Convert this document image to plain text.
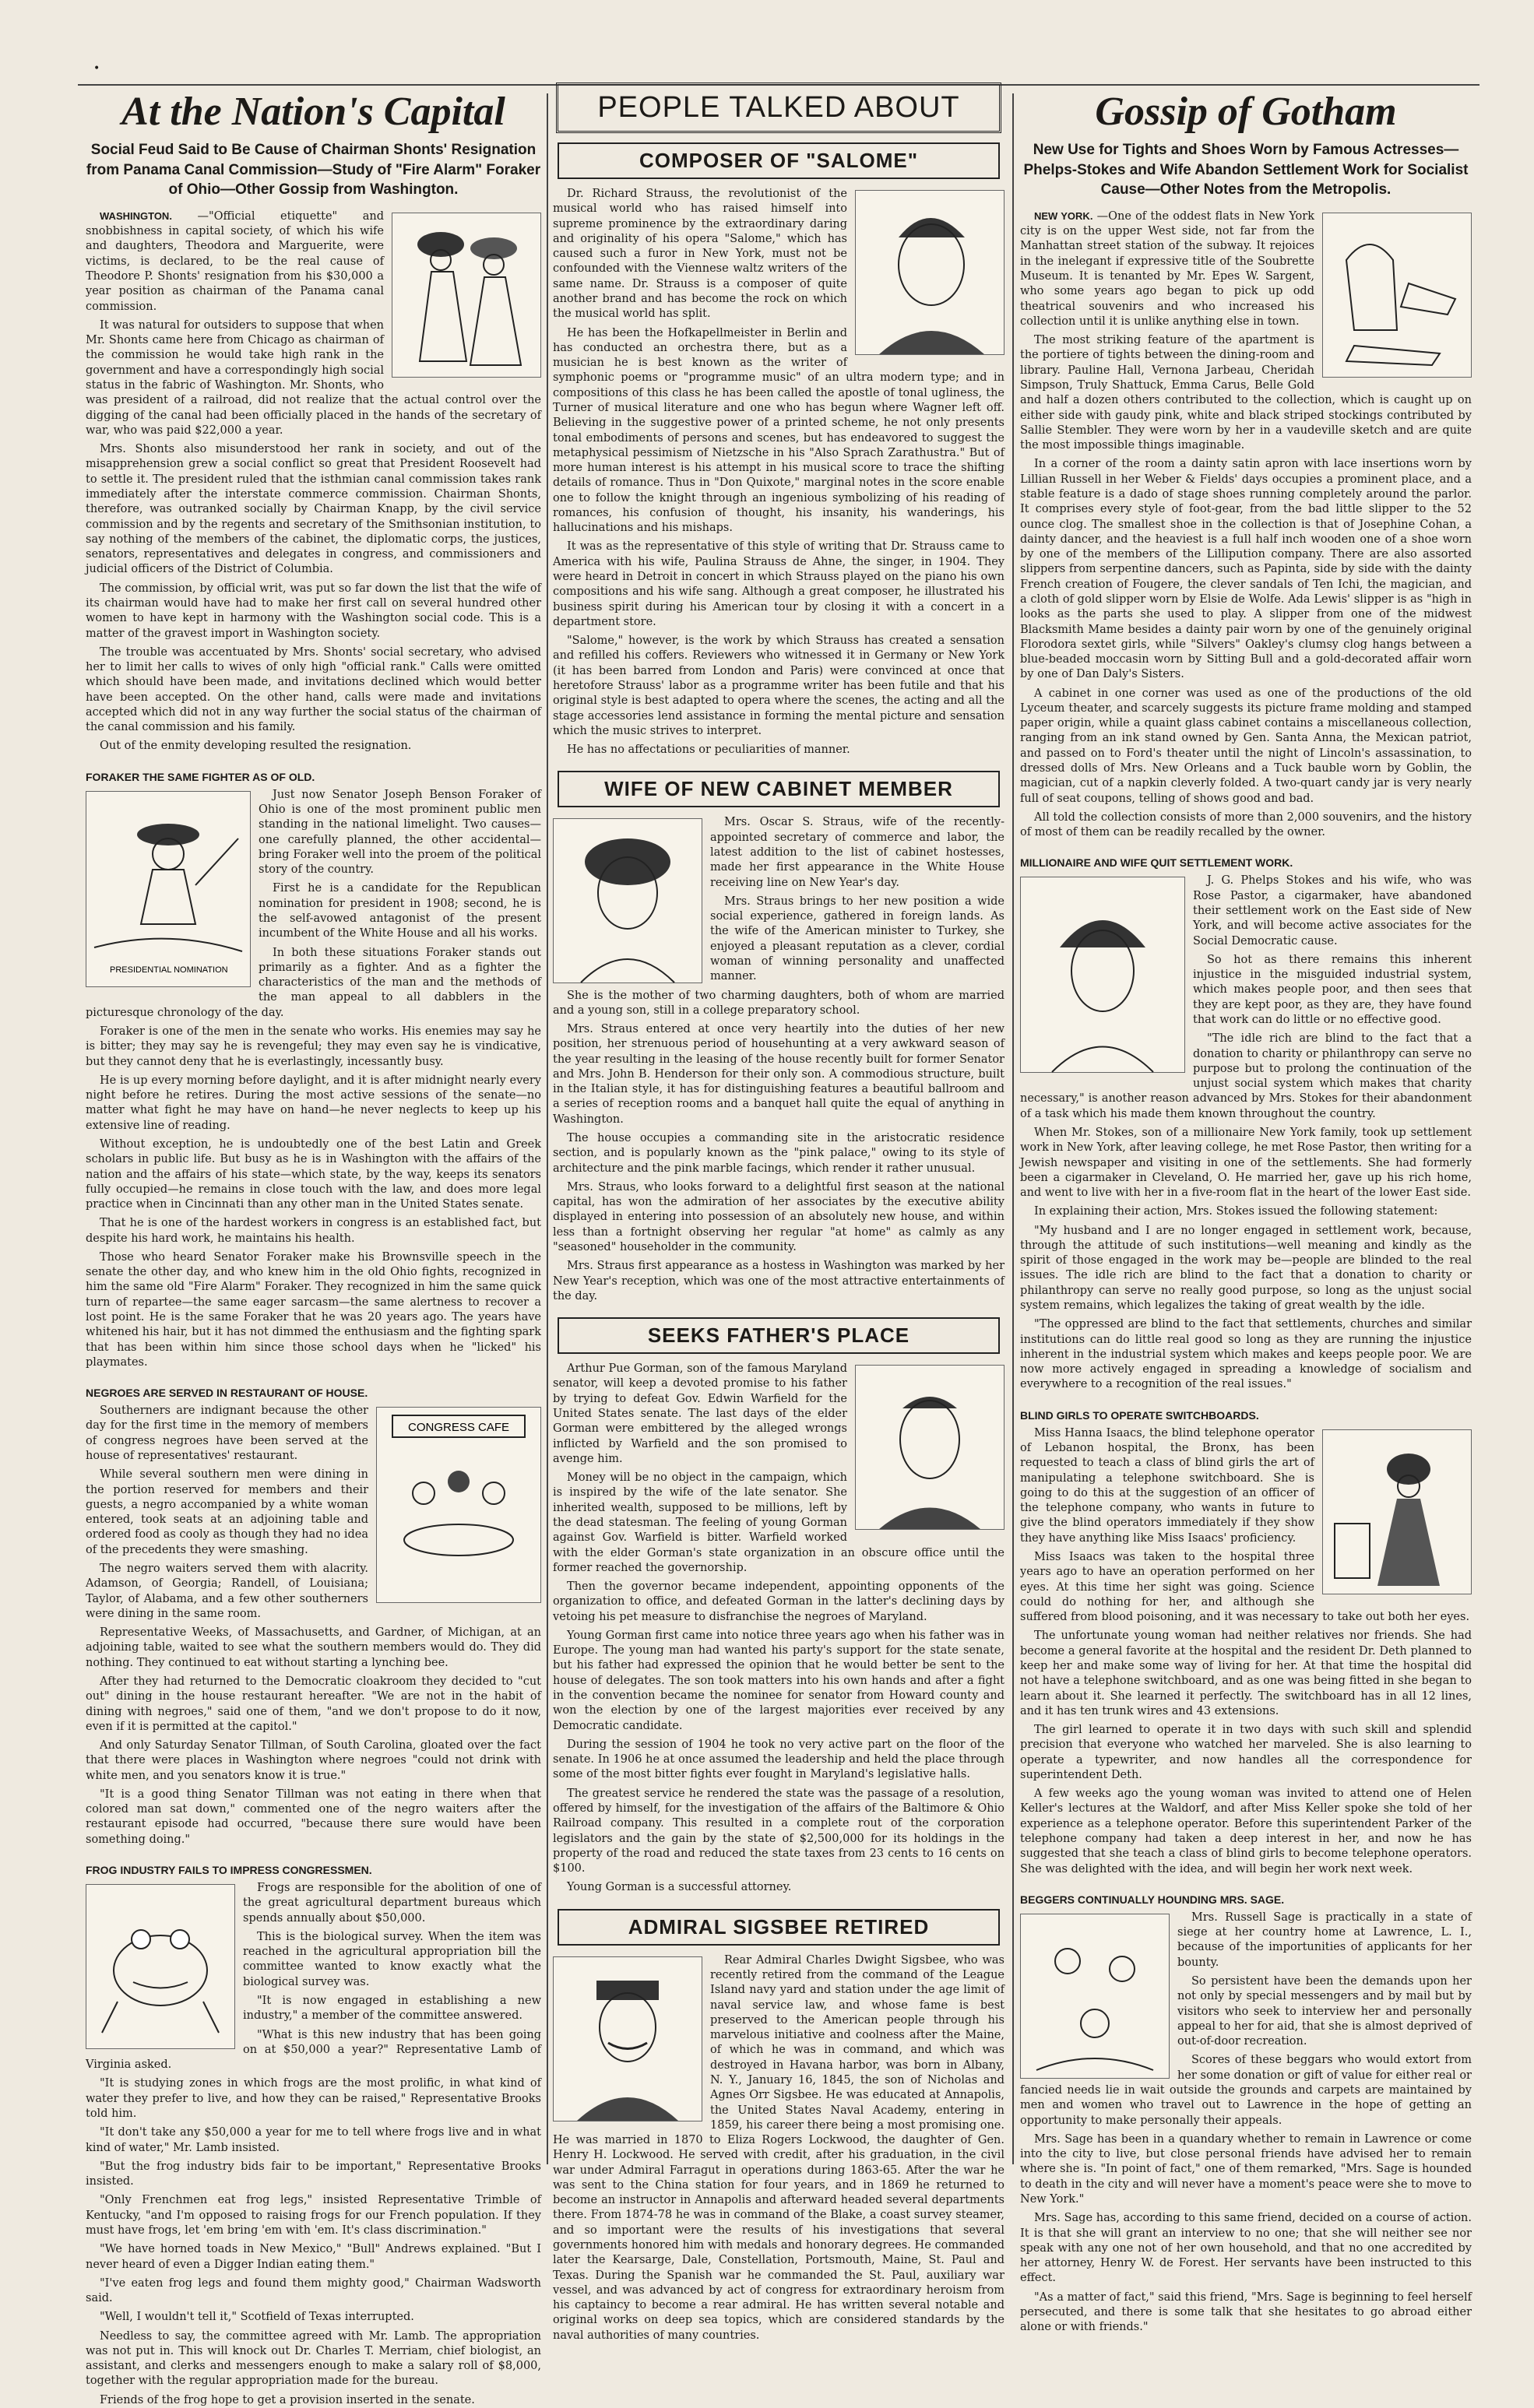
•
At the Nation's Capital
Social Feud Said to Be Cause of Chairman Shonts' Resignation from Panama Canal Commission—Study of "Fire Alarm" Foraker of Ohio—Other Gossip from Washington.

WASHINGTON. —"Official etiquette" and snobbishness in capital society, of which his wife and daughters, Theodora and Marguerite, were victims, is declared, to be the real cause of Theodore P. Shonts' resignation from his $30,000 a year position as chairman of the Panama canal commission.

It was natural for outsiders to suppose that when Mr. Shonts came here from Chicago as chairman of the commission he would take high rank in the government and have a correspondingly high social status in the fabric of Washington. Mr. Shonts, who was president of a railroad, did not realize that the actual control over the digging of the canal had been officially placed in the hands of the secretary of war, who was paid $22,000 a year.

Mrs. Shonts also misunderstood her rank in society, and out of the misapprehension grew a social conflict so great that President Roosevelt had to settle it. The president ruled that the isthmian canal commission takes rank immediately after the interstate commerce commission. Chairman Shonts, therefore, was outranked socially by Chairman Knapp, by the civil service commission and by the regents and secretary of the Smithsonian institution, to say nothing of the members of the cabinet, the diplomatic corps, the justices, senators, representatives and delegates in congress, and commissioners and judicial officers of the District of Columbia.

The commission, by official writ, was put so far down the list that the wife of its chairman would have had to make her first call on several hundred other women to have kept in harmony with the Washington social code. This is a matter of the gravest import in Washington society.

The trouble was accentuated by Mrs. Shonts' social secretary, who advised her to limit her calls to wives of only high "official rank." Calls were omitted which should have been made, and invitations declined which would better have been accepted. On the other hand, calls were made and invitations accepted which did not in any way further the social status of the chairman of the canal commission and his family.

Out of the enmity developing resulted the resignation.

FORAKER THE SAME FIGHTER AS OF OLD.
PRESIDENTIAL NOMINATION

Just now Senator Joseph Benson Foraker of Ohio is one of the most prominent public men standing in the national limelight. Two causes—one carefully planned, the other accidental—bring Foraker well into the proem of the political story of the country.

First he is a candidate for the Republican nomination for president in 1908; second, he is the self-avowed antagonist of the present incumbent of the White House and all his works.

In both these situations Foraker stands out primarily as a fighter. And as a fighter the characteristics of the man and the methods of the man appeal to all dabblers in the picturesque chronology of the day.

Foraker is one of the men in the senate who works. His enemies may say he is bitter; they may say he is revengeful; they may even say he is vindicative, but they cannot deny that he is everlastingly, incessantly busy.

He is up every morning before daylight, and it is after midnight nearly every night before he retires. During the most active sessions of the senate—no matter what fight he may have on hand—he never neglects to keep up his extensive line of reading.

Without exception, he is undoubtedly one of the best Latin and Greek scholars in public life. But busy as he is in Washington with the affairs of the nation and the affairs of his state—which state, by the way, keeps its senators fully occupied—he remains in close touch with the law, and does more legal practice when in Cincinnati than any other man in the United States senate.

That he is one of the hardest workers in congress is an established fact, but despite his hard work, he maintains his health.

Those who heard Senator Foraker make his Brownsville speech in the senate the other day, and who knew him in the old Ohio fights, recognized in him the same old "Fire Alarm" Foraker. They recognized in him the same quick turn of repartee—the same eager sarcasm—the same alertness to recover a lost point. He is the same Foraker that he was 20 years ago. The years have whitened his hair, but it has not dimmed the enthusiasm and the fighting spark that has been within him since those school days when he "licked" his playmates.

NEGROES ARE SERVED IN RESTAURANT OF HOUSE.
CONGRESS CAFE

Southerners are indignant because the other day for the first time in the memory of members of congress negroes have been served at the house of representatives' restaurant.

While several southern men were dining in the portion reserved for members and their guests, a negro accompanied by a white woman entered, took seats at an adjoining table and ordered food as cooly as though they had no idea of the precedents they were smashing.

The negro waiters served them with alacrity. Adamson, of Georgia; Randell, of Louisiana; Taylor, of Alabama, and a few other southerners were dining in the same room.

Representative Weeks, of Massachusetts, and Gardner, of Michigan, at an adjoining table, waited to see what the southern members would do. They did nothing. They continued to eat without starting a lynching bee.

After they had returned to the Democratic cloakroom they decided to "cut out" dining in the house restaurant hereafter. "We are not in the habit of dining with negroes," said one of them, "and we don't propose to do it now, even if it is permitted at the capitol."

And only Saturday Senator Tillman, of South Carolina, gloated over the fact that there were places in Washington where negroes "could not drink with white men, and you senators know it is true."

"It is a good thing Senator Tillman was not eating in there when that colored man sat down," commented one of the negro waiters after the restaurant episode had occurred, "because there sure would have been something doing."

FROG INDUSTRY FAILS TO IMPRESS CONGRESSMEN.

Frogs are responsible for the abolition of one of the great agricultural department bureaus which spends annually about $50,000.

This is the biological survey. When the item was reached in the agricultural appropriation bill the committee wanted to know exactly what the biological survey was.

"It is now engaged in establishing a new industry," a member of the committee answered.

"What is this new industry that has been going on at $50,000 a year?" Representative Lamb of Virginia asked.

"It is studying zones in which frogs are the most prolific, in what kind of water they prefer to live, and how they can be raised," Representative Brooks told him.

"It don't take any $50,000 a year for me to tell where frogs live and in what kind of water," Mr. Lamb insisted.

"But the frog industry bids fair to be important," Representative Brooks insisted.

"Only Frenchmen eat frog legs," insisted Representative Trimble of Kentucky, "and I'm opposed to raising frogs for our French population. If they must have frogs, let 'em bring 'em with 'em. It's class discrimination."

"We have horned toads in New Mexico," "Bull" Andrews explained. "But I never heard of even a Digger Indian eating them."

"I've eaten frog legs and found them mighty good," Chairman Wadsworth said.

"Well, I wouldn't tell it," Scotfield of Texas interrupted.

Needless to say, the committee agreed with Mr. Lamb. The appropriation was not put in. This will knock out Dr. Charles T. Merriam, chief biologist, an assistant, and clerks and messengers enough to make a salary roll of $8,000, together with the regular appropriation made for the bureau.

Friends of the frog hope to get a provision inserted in the senate.

PEOPLE TALKED ABOUT
COMPOSER OF "SALOME"

Dr. Richard Strauss, the revolutionist of the musical world who has raised himself into supreme prominence by the extraordinary daring and originality of his opera "Salome," which has caused such a furor in New York, must not be confounded with the Viennese waltz writers of the same name. Dr. Strauss is a composer of quite another brand and has become the rock on which the musical world has split.

He has been the Hofkapellmeister in Berlin and has conducted an orchestra there, but as a musician he is best known as the writer of symphonic poems or "programme music" of an ultra modern type; and in compositions of this class he has been called the apostle of tonal ugliness, the Turner of musical literature and one who has begun where Wagner left off. Believing in the suggestive power of a printed scheme, he not only presents tonal embodiments of persons and scenes, but has endeavored to suggest the metaphysical pessimism of Nietzsche in his "Also Sprach Zarathustra." But of more human interest is his attempt in his musical score to trace the shifting details of romance. Thus in "Don Quixote," marginal notes in the score enable one to follow the knight through an ingenious symbolizing of his reading of romances, his confusion of thought, his insanity, his wanderings, his hallucinations and his mishaps.

It was as the representative of this style of writing that Dr. Strauss came to America with his wife, Paulina Strauss de Ahne, the singer, in 1904. They were heard in Detroit in concert in which Strauss played on the piano his own compositions and his wife sang. Although a great composer, he illustrated his business spirit during his American tour by closing it with a concert in a department store.

"Salome," however, is the work by which Strauss has created a sensation and refilled his coffers. Reviewers who witnessed it in Germany or New York (it has been barred from London and Paris) were convinced at once that heretofore Strauss' labor as a programme writer has been futile and that his original style is best adapted to opera where the scenes, the acting and all the stage accessories lend assistance in forming the mental picture and sensation which the music strives to interpret.

He has no affectations or peculiarities of manner.

WIFE OF NEW CABINET MEMBER

Mrs. Oscar S. Straus, wife of the recently-appointed secretary of commerce and labor, the latest addition to the list of cabinet hostesses, made her first appearance in the White House receiving line on New Year's day.

Mrs. Straus brings to her new position a wide social experience, gathered in foreign lands. As the wife of the American minister to Turkey, she enjoyed a pleasant reputation as a clever, cordial woman of winning personality and unaffected manner.

She is the mother of two charming daughters, both of whom are married and a young son, still in a college preparatory school.

Mrs. Straus entered at once very heartily into the duties of her new position, her strenuous period of househunting at a very awkward season of the year resulting in the leasing of the house recently built for former Senator and Mrs. John B. Henderson for their only son. A commodious structure, built in the Italian style, it has for distinguishing features a beautiful ballroom and a series of reception rooms and a banquet hall quite the equal of anything in Washington.

The house occupies a commanding site in the aristocratic residence section, and is popularly known as the "pink palace," owing to its style of architecture and the pink marble facings, which render it rather unusual.

Mrs. Straus, who looks forward to a delightful first season at the national capital, has won the admiration of her associates by the executive ability displayed in entering into possession of an absolutely new house, and within less than a fortnight observing her regular "at home" as calmly as any "seasoned" householder in the community.

Mrs. Straus first appearance as a hostess in Washington was marked by her New Year's reception, which was one of the most attractive entertainments of the day.

SEEKS FATHER'S PLACE

Arthur Pue Gorman, son of the famous Maryland senator, will keep a devoted promise to his father by trying to defeat Gov. Edwin Warfield for the United States senate. The last days of the elder Gorman were embittered by the alleged wrongs inflicted by Warfield and the son promised to avenge him.

Money will be no object in the campaign, which is inspired by the wife of the late senator. She inherited wealth, supposed to be millions, left by the dead statesman. The feeling of young Gorman against Gov. Warfield is bitter. Warfield worked with the elder Gorman's state organization in an obscure office until the former reached the governorship.

Then the governor became independent, appointing opponents of the organization to office, and defeated Gorman in the latter's declining days by vetoing his pet measure to disfranchise the negroes of Maryland.

Young Gorman first came into notice three years ago when his father was in Europe. The young man had wanted his party's support for the state senate, but his father had expressed the opinion that he would better be sent to the house of delegates. The son took matters into his own hands and after a fight in the convention became the nominee for senator from Howard county and won the election by one of the largest majorities ever received by any Democratic candidate.

During the session of 1904 he took no very active part on the floor of the senate. In 1906 he at once assumed the leadership and held the place through some of the most bitter fights ever fought in Maryland's legislative halls.

The greatest service he rendered the state was the passage of a resolution, offered by himself, for the investigation of the affairs of the Baltimore & Ohio Railroad company. This resulted in a complete rout of the corporation legislators and the gain by the state of $2,500,000 for its holdings in the property of the road and reduced the state taxes from 23 cents to 16 cents on $100.

Young Gorman is a successful attorney.

ADMIRAL SIGSBEE RETIRED

Rear Admiral Charles Dwight Sigsbee, who was recently retired from the command of the League Island navy yard and station under the age limit of naval service law, and whose fame is best preserved to the American people through his marvelous initiative and coolness after the Maine, of which he was in command, and which was destroyed in Havana harbor, was born in Albany, N. Y., January 16, 1845, the son of Nicholas and Agnes Orr Sigsbee. He was educated at Annapolis, the United States Naval Academy, entering in 1859, his career there being a most promising one. He was married in 1870 to Eliza Rogers Lockwood, the daughter of Gen. Henry H. Lockwood. He served with credit, after his graduation, in the civil war under Admiral Farragut in operations during 1863-65. After the war he was sent to the China station for four years, and in 1869 he returned to become an instructor in Annapolis and afterward headed several departments there. From 1874-78 he was in command of the Blake, a coast survey steamer, and so important were the results of his investigations that several governments honored him with medals and honorary degrees. He commanded later the Kearsarge, Dale, Constellation, Portsmouth, Maine, St. Paul and Texas. During the Spanish war he commanded the St. Paul, auxiliary war vessel, and was advanced by act of congress for extraordinary heroism from his captaincy to become a rear admiral. He has written several notable and original works on deep sea topics, which are considered standards by the naval authorities of many countries.

Gossip of Gotham
New Use for Tights and Shoes Worn by Famous Actresses—Phelps-Stokes and Wife Abandon Settlement Work for Socialist Cause—Other Notes from the Metropolis.

NEW YORK. —One of the oddest flats in New York city is on the upper West side, not far from the Manhattan street station of the subway. It rejoices in the inelegant if expressive title of the Soubrette Museum. It is tenanted by Mr. Epes W. Sargent, who some years ago began to pick up odd theatrical souvenirs and who increased his collection until it is unlike anything else in town.

The most striking feature of the apartment is the portiere of tights between the dining-room and library. Pauline Hall, Vernona Jarbeau, Cheridah Simpson, Truly Shattuck, Emma Carus, Belle Gold and half a dozen others contributed to the collection, which is caught up on either side with gaudy pink, white and black striped stockings contributed by Sallie Stembler. They were worn by her in a vaudeville sketch and are quite the most impossible things imaginable.

In a corner of the room a dainty satin apron with lace insertions worn by Lillian Russell in her Weber & Fields' days occupies a prominent place, and a stable feature is a dado of stage shoes running completely around the parlor. It comprises every style of foot-gear, from the bad little slipper to the 52 ounce clog. The smallest shoe in the collection is that of Josephine Cohan, a dainty dancer, and the heaviest is a full half inch wooden one of a shoe worn by one of the members of the Lillipution company. There are also assorted slippers from serpentine dancers, such as Papinta, side by side with the dainty French creation of Fougere, the clever sandals of Ten Ichi, the magician, and a cloth of gold slipper worn by Elsie de Wolfe. Ada Lewis' slipper is as "high in looks as the parts she used to play. A slipper from one of the midwest Blacksmith Mame besides a dainty pair worn by one of the genuinely original Florodora sextet girls, while "Silvers" Oakley's clumsy clog hangs between a blue-beaded moccasin worn by Sitting Bull and a gold-decorated affair worn by one of Dan Daly's Sisters.

A cabinet in one corner was used as one of the productions of the old Lyceum theater, and scarcely suggests its picture frame molding and stamped paper origin, while a quaint glass cabinet contains a miscellaneous collection, ranging from an ink stand owned by Gen. Santa Anna, the Mexican patriot, and passed on to Ford's theater until the night of Lincoln's assassination, to dressed dolls of Mrs. New Orleans and a Tuck bauble worn by Goblin, the magician, cut of a napkin cleverly folded. A two-quart candy jar is very nearly full of seat coupons, telling of shows good and bad.

All told the collection consists of more than 2,000 souvenirs, and the history of most of them can be readily recalled by the owner.

MILLIONAIRE AND WIFE QUIT SETTLEMENT WORK.

J. G. Phelps Stokes and his wife, who was Rose Pastor, a cigarmaker, have abandoned their settlement work on the East side of New York, and will become active associates for the Social Democratic cause.

So hot as there remains this inherent injustice in the misguided industrial system, which makes people poor, and then sees that they are kept poor, as they are, they have found that work can do little or no effective good.

"The idle rich are blind to the fact that a donation to charity or philanthropy can serve no purpose but to prolong the continuation of the unjust social system which makes that charity necessary," is another reason advanced by Mrs. Stokes for their abandonment of a task which his made them known throughout the country.

When Mr. Stokes, son of a millionaire New York family, took up settlement work in New York, after leaving college, he met Rose Pastor, then writing for a Jewish newspaper and visiting in one of the settlements. She had formerly been a cigarmaker in Cleveland, O. He married her, gave up his rich home, and went to live with her in a five-room flat in the heart of the lower East side.

In explaining their action, Mrs. Stokes issued the following statement:

"My husband and I are no longer engaged in settlement work, because, through the attitude of such institutions—well meaning and kindly as the spirit of those engaged in the work may be—people are blinded to the real issues. The idle rich are blind to the fact that a donation to charity or philanthropy can serve no really good purpose, so long as the unjust social system remains, which legalizes the taking of great wealth by the idle.

"The oppressed are blind to the fact that settlements, churches and similar institutions can do little real good so long as they are running the injustice inherent in the industrial system which makes and keeps people poor. We are now more actively engaged in spreading a knowledge of socialism and everywhere to a recognition of the real issues."

BLIND GIRLS TO OPERATE SWITCHBOARDS.

Miss Hanna Isaacs, the blind telephone operator of Lebanon hospital, the Bronx, has been requested to teach a class of blind girls the art of manipulating a telephone switchboard. She is going to do this at the suggestion of an officer of the telephone company, who wants in future to give the blind operators immediately if they show they have anything like Miss Isaacs' proficiency.

Miss Isaacs was taken to the hospital three years ago to have an operation performed on her eyes. At this time her sight was going. Science could do nothing for her, and although she suffered from blood poisoning, and it was necessary to take out both her eyes.

The unfortunate young woman had neither relatives nor friends. She had become a general favorite at the hospital and the resident Dr. Deth planned to keep her and make some way of living for her. At that time the hospital did not have a telephone switchboard, and as one was being fitted in she began to learn about it. She learned it perfectly. The switchboard has in all 12 lines, and it has ten trunk wires and 43 extensions.

The girl learned to operate it in two days with such skill and splendid precision that everyone who watched her marveled. She is also learning to operate a typewriter, and now handles all the correspondence for superintendent Deth.

A few weeks ago the young woman was invited to attend one of Helen Keller's lectures at the Waldorf, and after Miss Keller spoke she told of her experience as a telephone operator. Before this superintendent Parker of the telephone company had taken a deep interest in her, and now he has suggested that she teach a class of blind girls to become telephone operators. She was delighted with the idea, and will begin her work next week.

BEGGERS CONTINUALLY HOUNDING MRS. SAGE.

Mrs. Russell Sage is practically in a state of siege at her country home at Lawrence, L. I., because of the importunities of applicants for her bounty.

So persistent have been the demands upon her not only by special messengers and by mail but by visitors who seek to interview her and personally appeal to her for aid, that she is almost deprived of out-of-door recreation.

Scores of these beggars who would extort from her some donation or gift of value for either real or fancied needs lie in wait outside the grounds and carpets are maintained by men and women who travel out to Lawrence in the hope of getting an opportunity to make personally their appeals.

Mrs. Sage has been in a quandary whether to remain in Lawrence or come into the city to live, but close personal friends have advised her to remain where she is. "In point of fact," one of them remarked, "Mrs. Sage is hounded to death in the city and will never have a moment's peace were she to move to New York."

Mrs. Sage has, according to this same friend, decided on a course of action. It is that she will grant an interview to no one; that she will neither see nor speak with any one not of her own household, and that no one accredited by her attorney, Henry W. de Forest. Her servants have been instructed to this effect.

"As a matter of fact," said this friend, "Mrs. Sage is beginning to feel herself persecuted, and there is some talk that she hesitates to go abroad either alone or with friends."
